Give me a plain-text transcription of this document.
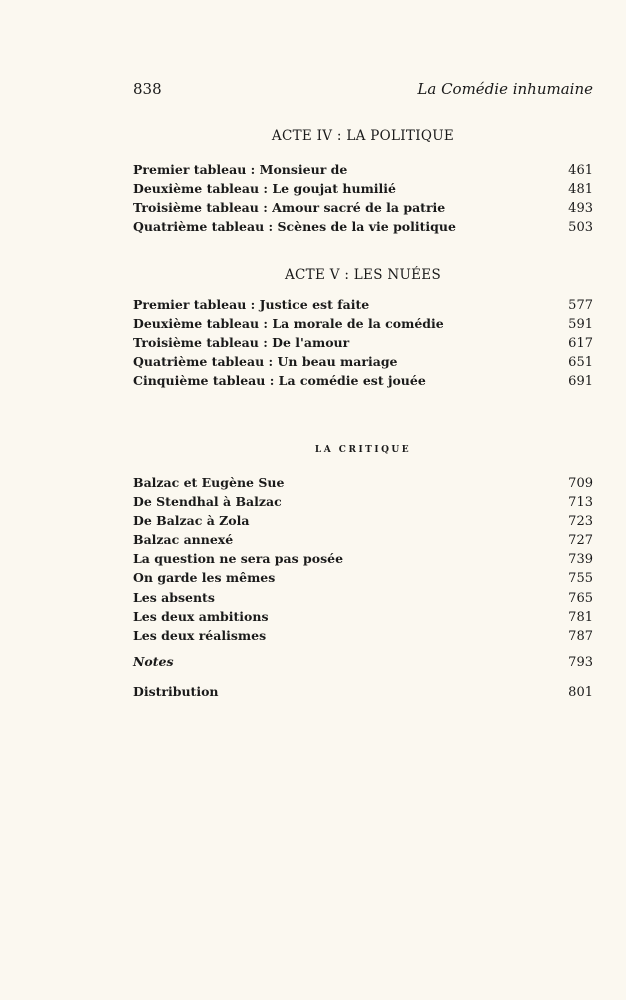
838	La Comédie inhumaine
ACTE IV : LA POLITIQUE
Premier tableau : Monsieur de	461
Deuxième tableau : Le goujat humilié	481
Troisième tableau : Amour sacré de la patrie	493
Quatrième tableau : Scènes de la vie politique	503
ACTE V : LES NUÉES
Premier tableau : Justice est faite	577
Deuxième tableau : La morale de la comédie	591
Troisième tableau : De l'amour	617
Quatrième tableau : Un beau mariage	651
Cinquième tableau : La comédie est jouée	691
LA CRITIQUE
Balzac et Eugène Sue	709
De Stendhal à Balzac	713
De Balzac à Zola	723
Balzac annexé	727
La question ne sera pas posée	739
On garde les mêmes	755
Les absents	765
Les deux ambitions	781
Les deux réalismes	787
Notes	793
Distribution	801
